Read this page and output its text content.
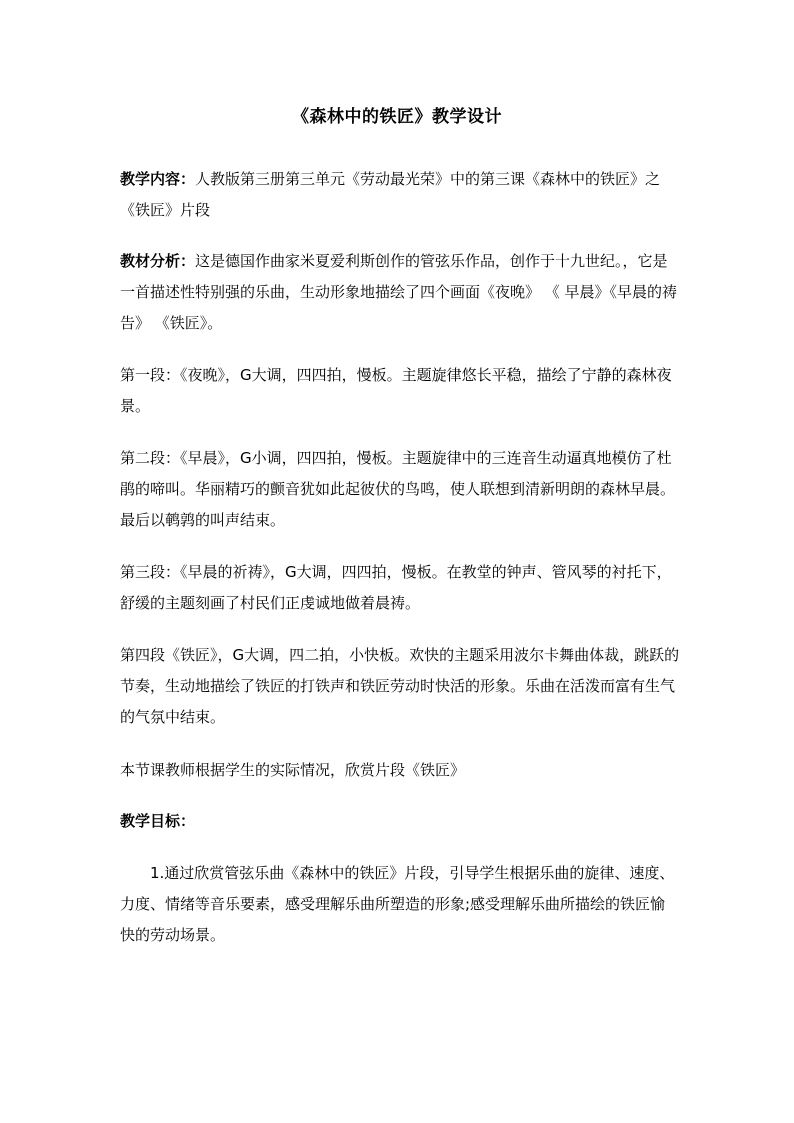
《森林中的铁匠》教学设计

教学内容：人教版第三册第三单元《劳动最光荣》中的第三课《森林中的铁匠》之《铁匠》片段

教材分析：这是德国作曲家米夏爱利斯创作的管弦乐作品，创作于十九世纪。，它是一首描述性特别强的乐曲，生动形象地描绘了四个画面《夜晚》 《 早晨》《早晨的祷告》 《铁匠》。

第一段：《夜晚》，G大调，四四拍，慢板。主题旋律悠长平稳，描绘了宁静的森林夜景。

第二段：《早晨》，G小调，四四拍，慢板。主题旋律中的三连音生动逼真地模仿了杜鹃的啼叫。华丽精巧的颤音犹如此起彼伏的鸟鸣，使人联想到清新明朗的森林早晨。最后以鹌鹑的叫声结束。

第三段：《早晨的祈祷》，G大调，四四拍，慢板。在教堂的钟声、管风琴的衬托下，舒缓的主题刻画了村民们正虔诚地做着晨祷。

第四段《铁匠》，G大调，四二拍，小快板。欢快的主题采用波尔卡舞曲体裁，跳跃的节奏，生动地描绘了铁匠的打铁声和铁匠劳动时快活的形象。乐曲在活泼而富有生气的气氛中结束。

本节课教师根据学生的实际情况，欣赏片段《铁匠》

教学目标：

1.通过欣赏管弦乐曲《森林中的铁匠》片段，引导学生根据乐曲的旋律、速度、力度、情绪等音乐要素，感受理解乐曲所塑造的形象;感受理解乐曲所描绘的铁匠愉快的劳动场景。
